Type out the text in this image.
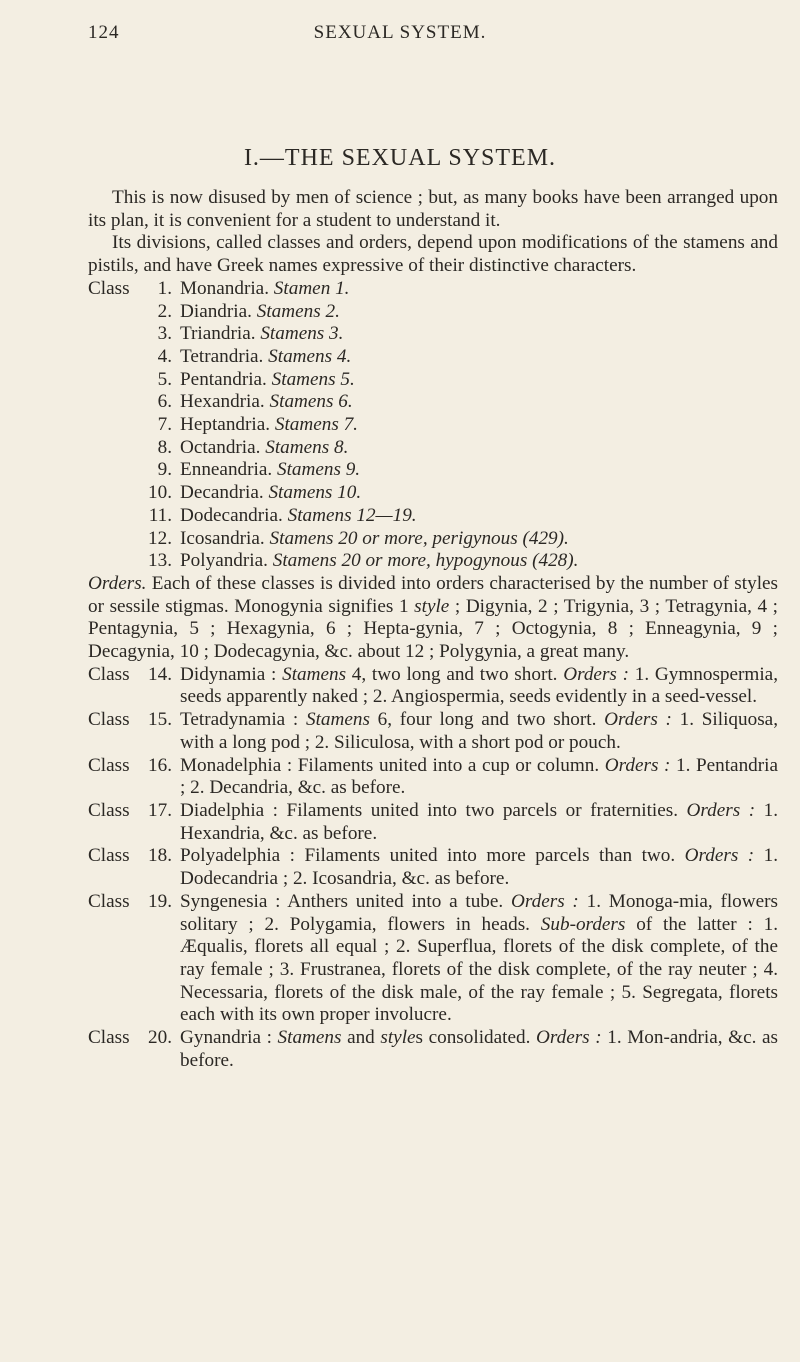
SEXUAL SYSTEM.
124
I.—THE SEXUAL SYSTEM.

This is now disused by men of science ; but, as many books have been arranged upon its plan, it is convenient for a student to understand it.

Its divisions, called classes and orders, depend upon modifications of the stamens and pistils, and have Greek names expressive of their distinctive characters.

Class	1. Monandria. Stamen 1.
2. Diandria. Stamens 2.
3. Triandria. Stamens 3.
4. Tetrandria. Stamens 4.
5. Pentandria. Stamens 5.
6. Hexandria. Stamens 6.
7. Heptandria. Stamens 7.
8. Octandria. Stamens 8.
9. Enneandria. Stamens 9.
10. Decandria. Stamens 10.
11. Dodecandria. Stamens 12—19.
12. Icosandria. Stamens 20 or more, perigynous (429).
13. Polyandria. Stamens 20 or more, hypogynous (428).

Orders. Each of these classes is divided into orders characterised by the number of styles or sessile stigmas. Monogynia signifies 1 style ; Digynia, 2 ; Trigynia, 3 ; Tetragynia, 4 ; Pentagynia, 5 ; Hexagynia, 6 ; Hepta-gynia, 7 ; Octogynia, 8 ; Enneagynia, 9 ; Decagynia, 10 ; Dodecagynia, &c. about 12 ; Polygynia, a great many.

Class 14. Didynamia : Stamens 4, two long and two short. Orders : 1. Gymnospermia, seeds apparently naked ; 2. Angiospermia, seeds evidently in a seed-vessel.
Class 15. Tetradynamia : Stamens 6, four long and two short. Orders : 1. Siliquosa, with a long pod ; 2. Siliculosa, with a short pod or pouch.
Class 16. Monadelphia : Filaments united into a cup or column. Orders : 1. Pentandria ; 2. Decandria, &c. as before.
Class 17. Diadelphia : Filaments united into two parcels or fraternities. Orders : 1. Hexandria, &c. as before.
Class 18. Polyadelphia : Filaments united into more parcels than two. Orders : 1. Dodecandria ; 2. Icosandria, &c. as before.
Class 19. Syngenesia : Anthers united into a tube. Orders : 1. Monoga-mia, flowers solitary ; 2. Polygamia, flowers in heads. Sub-orders of the latter : 1. Æqualis, florets all equal ; 2. Superflua, florets of the disk complete, of the ray female ; 3. Frustranea, florets of the disk complete, of the ray neuter ; 4. Necessaria, florets of the disk male, of the ray female ; 5. Segregata, florets each with its own proper involucre.
Class 20. Gynandria : Stamens and styles consolidated. Orders : 1. Mon-andria, &c. as before.
